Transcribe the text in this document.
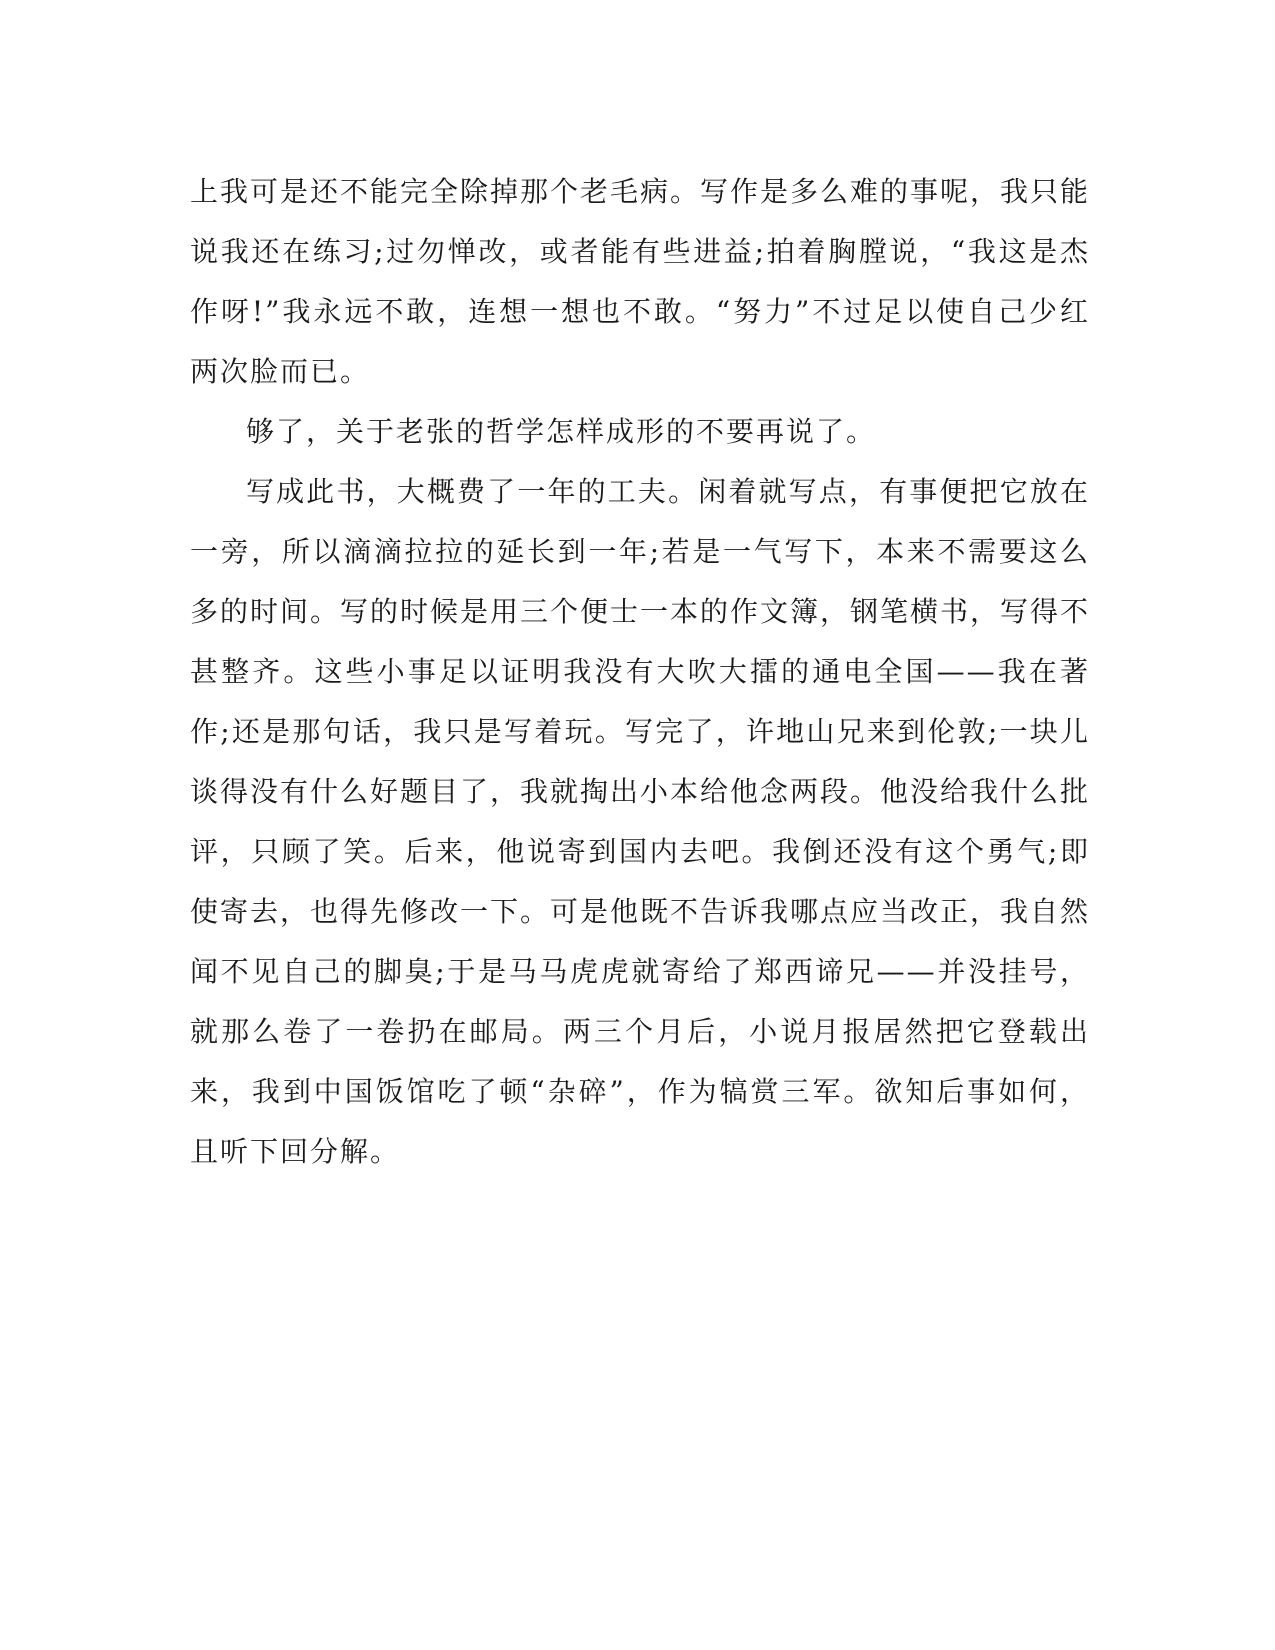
上我可是还不能完全除掉那个老毛病。写作是多么难的事呢，我只能说我还在练习;过勿惮改，或者能有些进益;拍着胸膛说，“我这是杰作呀!”我永远不敢，连想一想也不敢。“努力”不过足以使自己少红两次脸而已。

够了，关于老张的哲学怎样成形的不要再说了。

写成此书，大概费了一年的工夫。闲着就写点，有事便把它放在一旁，所以滴滴拉拉的延长到一年;若是一气写下，本来不需要这么多的时间。写的时候是用三个便士一本的作文簿，钢笔横书，写得不甚整齐。这些小事足以证明我没有大吹大擂的通电全国——我在著作;还是那句话，我只是写着玩。写完了，许地山兄来到伦敦;一块儿谈得没有什么好题目了，我就掏出小本给他念两段。他没给我什么批评，只顾了笑。后来，他说寄到国内去吧。我倒还没有这个勇气;即使寄去，也得先修改一下。可是他既不告诉我哪点应当改正，我自然闻不见自己的脚臭;于是马马虎虎就寄给了郑西谛兄——并没挂号，就那么卷了一卷扔在邮局。两三个月后，小说月报居然把它登载出来，我到中国饭馆吃了顿“杂碎”，作为犒赏三军。欲知后事如何，且听下回分解。
